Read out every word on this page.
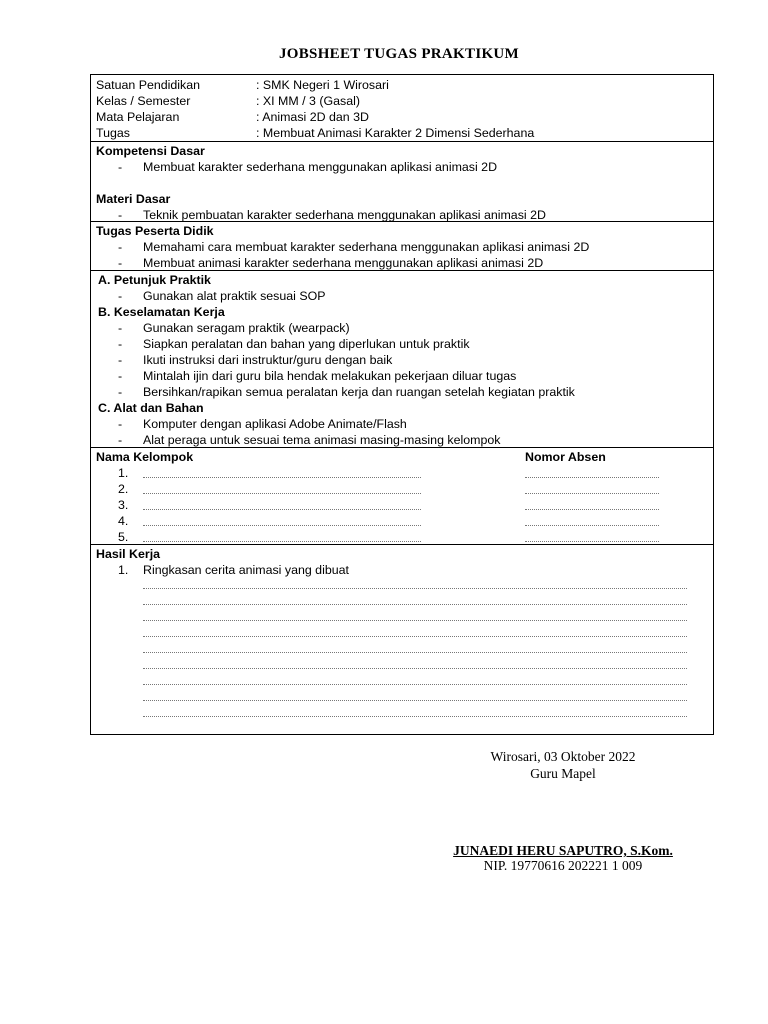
JOBSHEET TUGAS PRAKTIKUM
Satuan Pendidikan	: SMK Negeri 1 Wirosari
Kelas / Semester	: XI MM / 3 (Gasal)
Mata Pelajaran	: Animasi 2D dan 3D
Tugas	: Membuat Animasi Karakter 2 Dimensi Sederhana
Kompetensi Dasar
- Membuat karakter sederhana menggunakan aplikasi animasi 2D
Materi Dasar
- Teknik pembuatan karakter sederhana menggunakan aplikasi animasi 2D
Tugas Peserta Didik
- Memahami cara membuat karakter sederhana menggunakan aplikasi animasi 2D
- Membuat animasi karakter sederhana menggunakan aplikasi animasi 2D
A. Petunjuk Praktik
- Gunakan alat praktik sesuai SOP
B. Keselamatan Kerja
- Gunakan seragam praktik (wearpack)
- Siapkan peralatan dan bahan yang diperlukan untuk praktik
- Ikuti instruksi dari instruktur/guru dengan baik
- Mintalah ijin dari guru bila hendak melakukan pekerjaan diluar tugas
- Bersihkan/rapikan semua peralatan kerja dan ruangan setelah kegiatan praktik
C. Alat dan Bahan
- Komputer dengan aplikasi Adobe Animate/Flash
- Alat peraga untuk sesuai tema animasi masing-masing kelompok
Nama Kelompok	Nomor Absen
1.
2.
3.
4.
5.
Hasil Kerja
1.	Ringkasan cerita animasi yang dibuat
Wirosari, 03 Oktober 2022
Guru Mapel
JUNAEDI HERU SAPUTRO, S.Kom.
NIP. 19770616 202221 1 009
